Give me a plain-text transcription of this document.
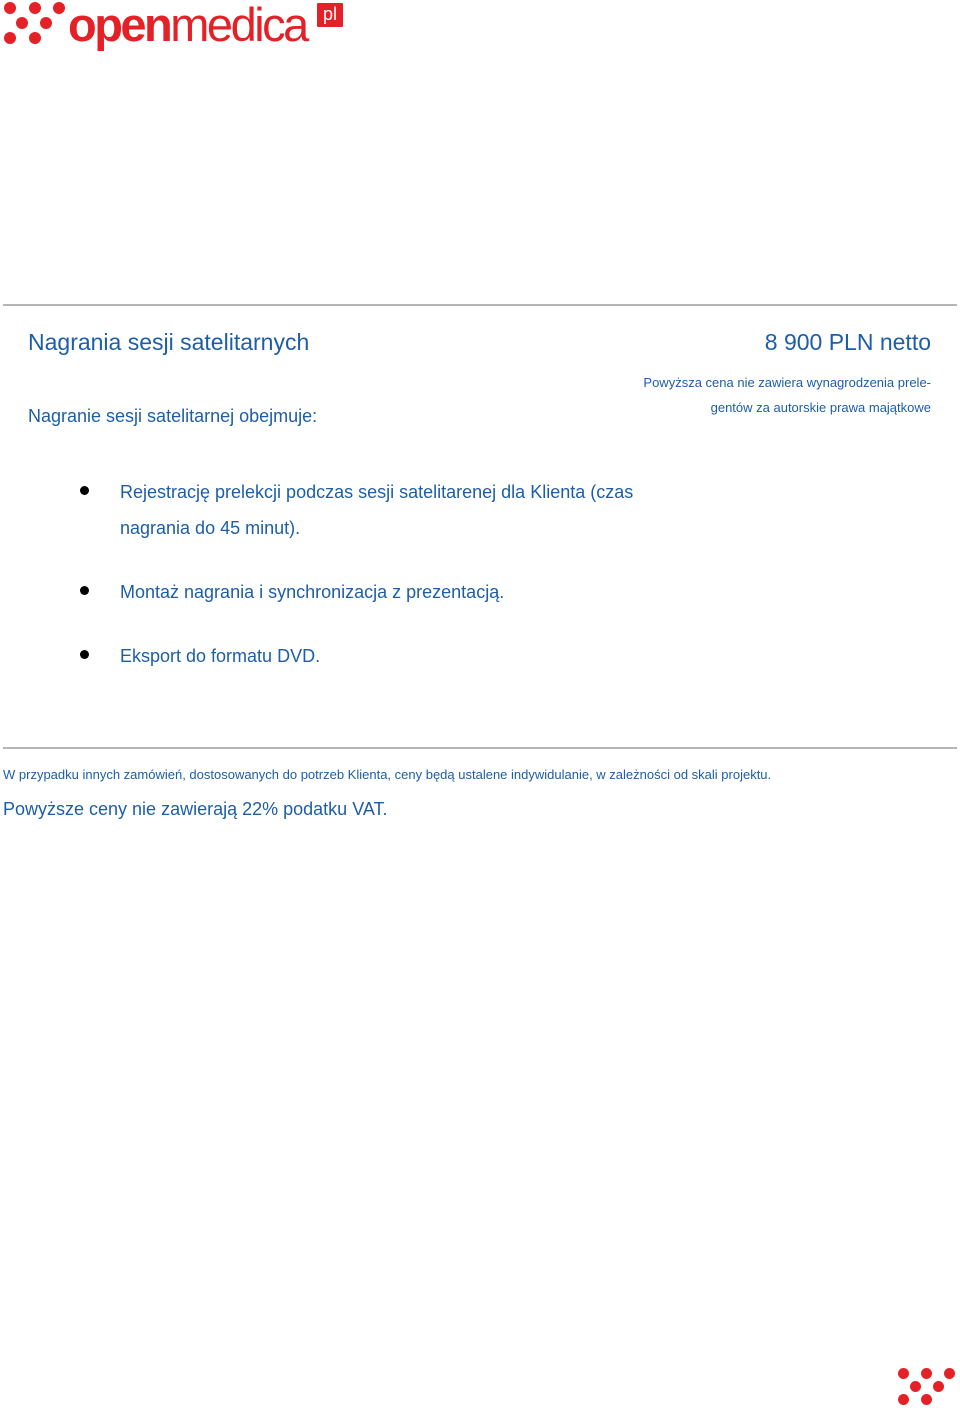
openmedica pl
Nagrania sesji satelitarnych	8 900 PLN netto
Powyższa cena nie zawiera wynagrodzenia prele-
gentów za autorskie prawa majątkowe
Nagranie sesji satelitarnej obejmuje:
Rejestrację prelekcji podczas sesji satelitarenej dla Klienta (czas nagrania do 45 minut).
Montaż nagrania i synchronizacja z prezentacją.
Eksport do formatu DVD.
W przypadku innych zamówień, dostosowanych do potrzeb Klienta, ceny będą ustalene indywidulanie, w zależności od skali projektu.
Powyższe ceny nie zawierają 22% podatku VAT.
